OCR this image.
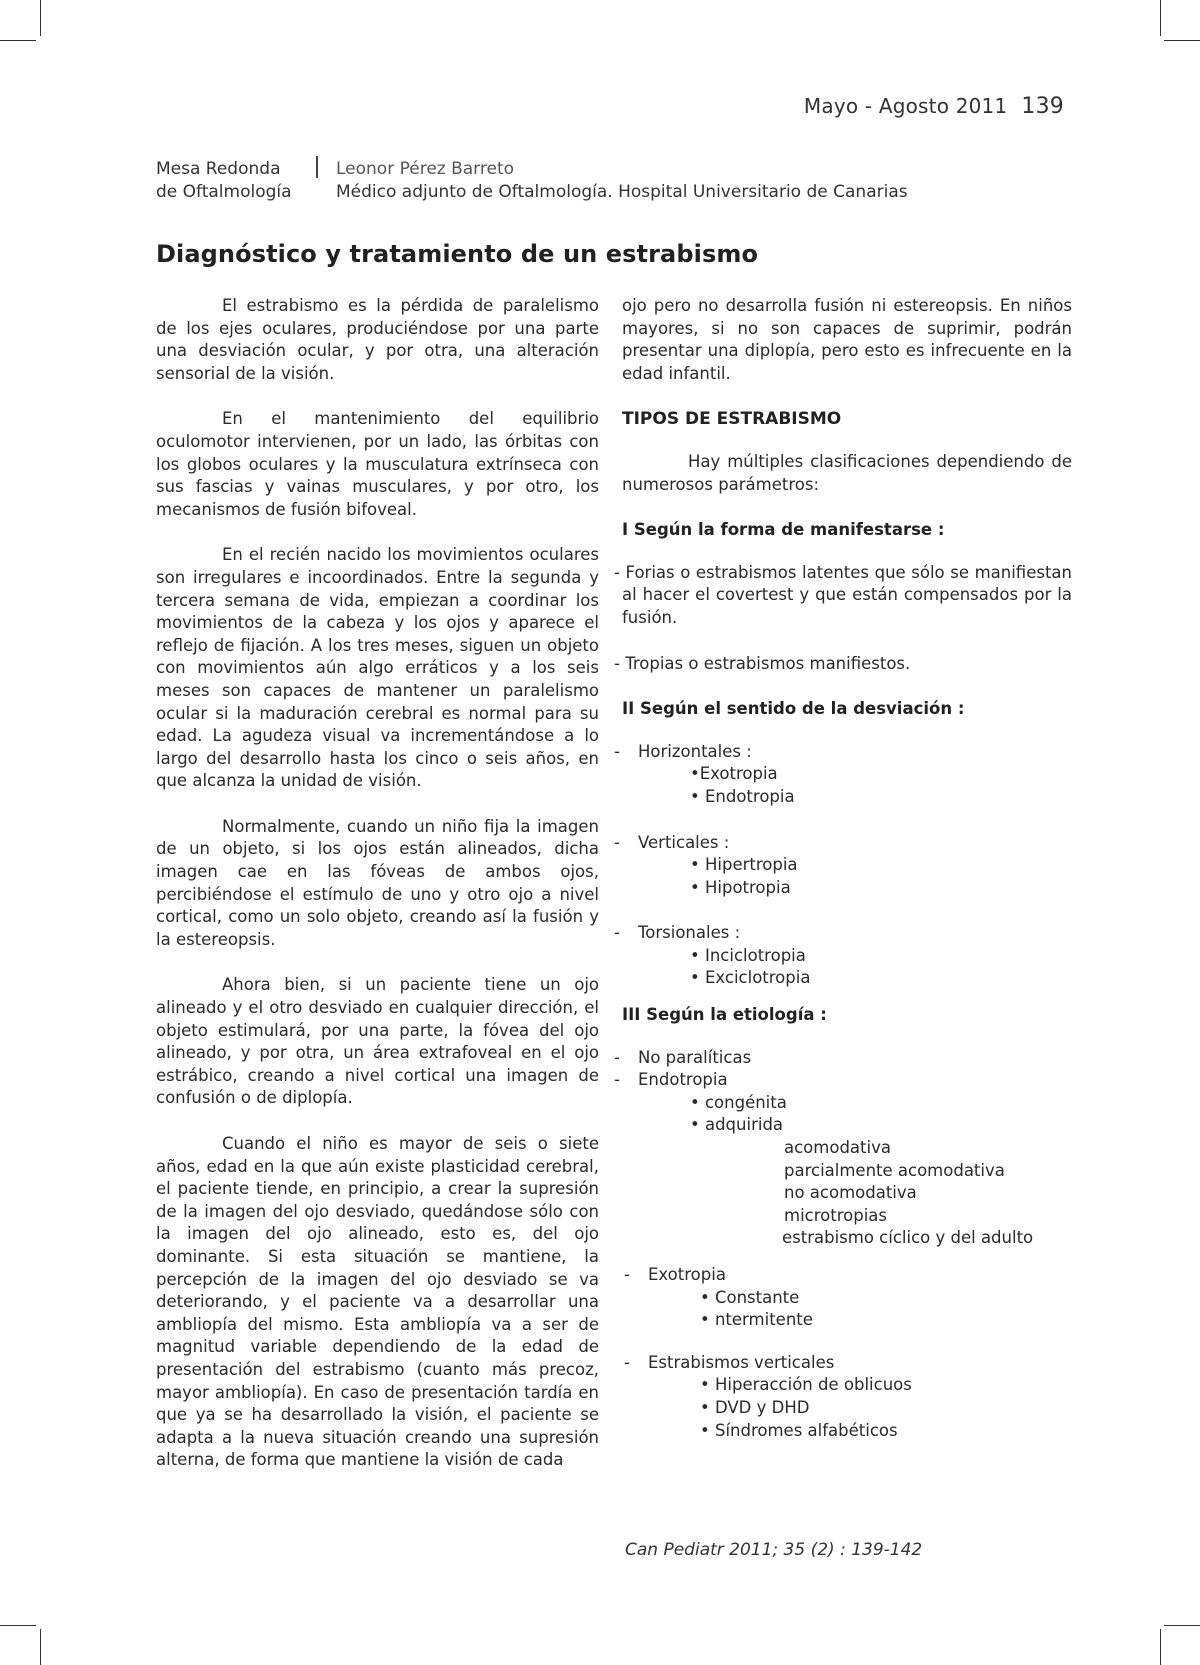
Mayo - Agosto 2011 139
Mesa Redonda
de Oftalmología
Leonor Pérez Barreto
Médico adjunto de Oftalmología. Hospital Universitario de Canarias
Diagnóstico y tratamiento de un estrabismo

El estrabismo es la pérdida de paralelismo de los ejes oculares, produciéndose por una parte una desviación ocular, y por otra, una alteración sensorial de la visión.

En el mantenimiento del equilibrio oculomotor intervienen, por un lado, las órbitas con los globos oculares y la musculatura extrínseca con sus fascias y vainas musculares, y por otro, los mecanismos de fusión bifoveal.

En el recién nacido los movimientos oculares son irregulares e incoordinados. Entre la segunda y tercera semana de vida, empiezan a coordinar los movimientos de la cabeza y los ojos y aparece el reflejo de fijación. A los tres meses, siguen un objeto con movimientos aún algo erráticos y a los seis meses son capaces de mantener un paralelismo ocular si la maduración cerebral es normal para su edad. La agudeza visual va incrementándose a lo largo del desarrollo hasta los cinco o seis años, en que alcanza la unidad de visión.

Normalmente, cuando un niño fija la imagen de un objeto, si los ojos están alineados, dicha imagen cae en las fóveas de ambos ojos, percibiéndose el estímulo de uno y otro ojo a nivel cortical, como un solo objeto, creando así la fusión y la estereopsis.

Ahora bien, si un paciente tiene un ojo alineado y el otro desviado en cualquier dirección, el objeto estimulará, por una parte, la fóvea del ojo alineado, y por otra, un área extrafoveal en el ojo estrábico, creando a nivel cortical una imagen de confusión o de diplopía.

Cuando el niño es mayor de seis o siete años, edad en la que aún existe plasticidad cerebral, el paciente tiende, en principio, a crear la supresión de la imagen del ojo desviado, quedándose sólo con la imagen del ojo alineado, esto es, del ojo dominante. Si esta situación se mantiene, la percepción de la imagen del ojo desviado se va deteriorando, y el paciente va a desarrollar una ambliopía del mismo. Esta ambliopía va a ser de magnitud variable dependiendo de la edad de presentación del estrabismo (cuanto más precoz, mayor ambliopía). En caso de presentación tardía en que ya se ha desarrollado la visión, el paciente se adapta a la nueva situación creando una supresión alterna, de forma que mantiene la visión de cada

ojo pero no desarrolla fusión ni estereopsis. En niños mayores, si no son capaces de suprimir, podrán presentar una diplopía, pero esto es infrecuente en la edad infantil.

TIPOS DE ESTRABISMO

Hay múltiples clasificaciones dependiendo de numerosos parámetros:

I Según la forma de manifestarse :

- Forias o estrabismos latentes que sólo se manifiestan al hacer el covertest y que están compensados por la fusión.

- Tropias o estrabismos manifiestos.

II Según el sentido de la desviación :
- Horizontales :
•Exotropia
• Endotropia
- Verticales :
• Hipertropia
• Hipotropia
- Torsionales :
• Inciclotropia
• Exciclotropia
III Según la etiología :
- No paralíticas
- Endotropia
• congénita
• adquirida
acomodativa
parcialmente acomodativa
no acomodativa
microtropias
estrabismo cíclico y del adulto
- Exotropia
• Constante
• ntermitente
- Estrabismos verticales
• Hiperacción de oblicuos
• DVD y DHD
• Síndromes alfabéticos
Can Pediatr 2011; 35 (2) : 139-142
